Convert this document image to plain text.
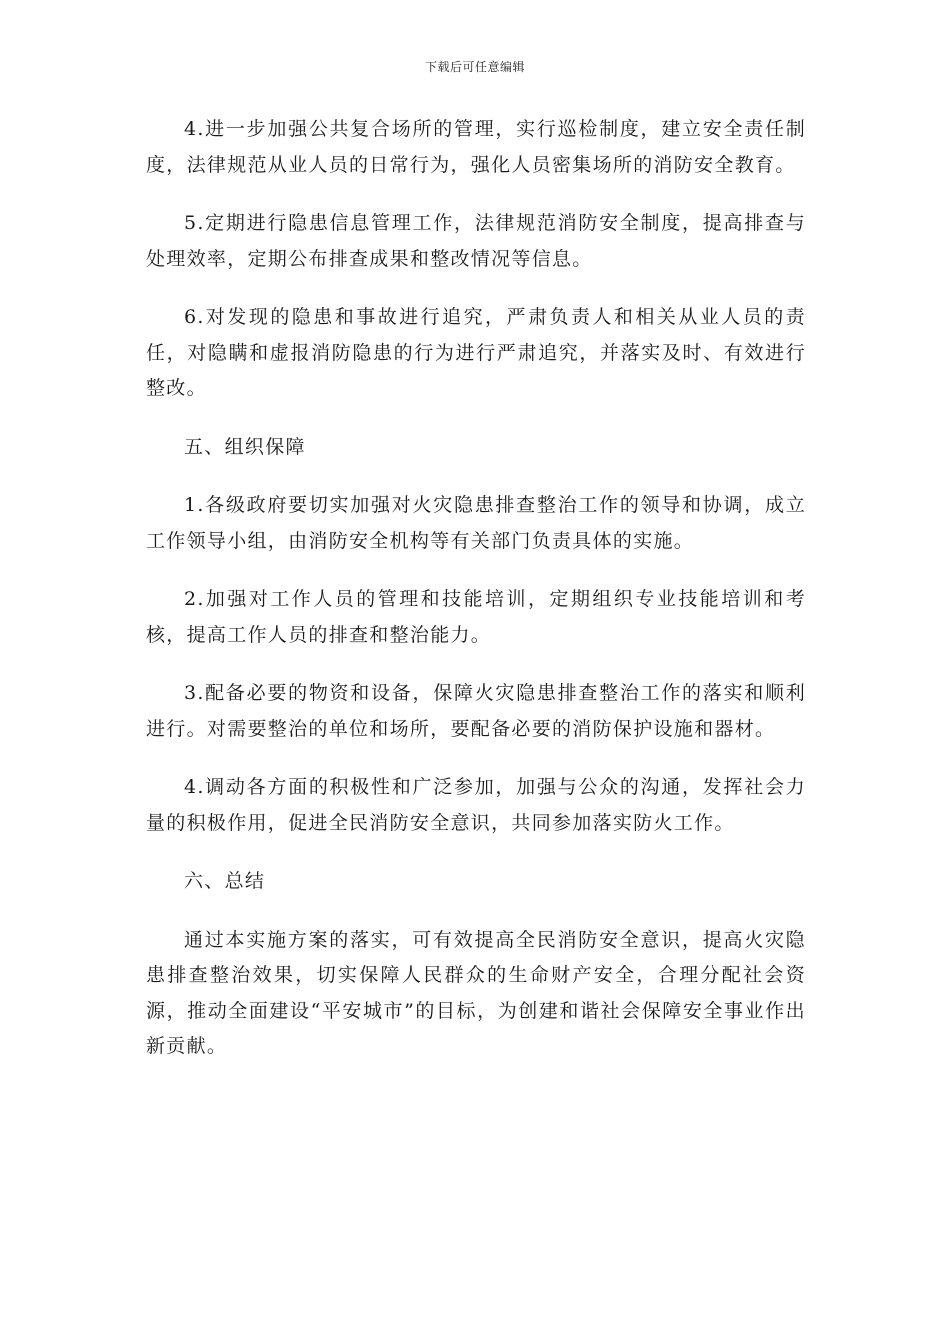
下载后可任意编辑

4.进一步加强公共复合场所的管理，实行巡检制度，建立安全责任制度，法律规范从业人员的日常行为，强化人员密集场所的消防安全教育。

5.定期进行隐患信息管理工作，法律规范消防安全制度，提高排查与处理效率，定期公布排查成果和整改情况等信息。

6.对发现的隐患和事故进行追究，严肃负责人和相关从业人员的责任，对隐瞒和虚报消防隐患的行为进行严肃追究，并落实及时、有效进行整改。

五、组织保障

1.各级政府要切实加强对火灾隐患排查整治工作的领导和协调，成立工作领导小组，由消防安全机构等有关部门负责具体的实施。

2.加强对工作人员的管理和技能培训，定期组织专业技能培训和考核，提高工作人员的排查和整治能力。

3.配备必要的物资和设备，保障火灾隐患排查整治工作的落实和顺利进行。对需要整治的单位和场所，要配备必要的消防保护设施和器材。

4.调动各方面的积极性和广泛参加，加强与公众的沟通，发挥社会力量的积极作用，促进全民消防安全意识，共同参加落实防火工作。

六、总结

通过本实施方案的落实，可有效提高全民消防安全意识，提高火灾隐患排查整治效果，切实保障人民群众的生命财产安全，合理分配社会资源，推动全面建设“平安城市”的目标，为创建和谐社会保障安全事业作出新贡献。
